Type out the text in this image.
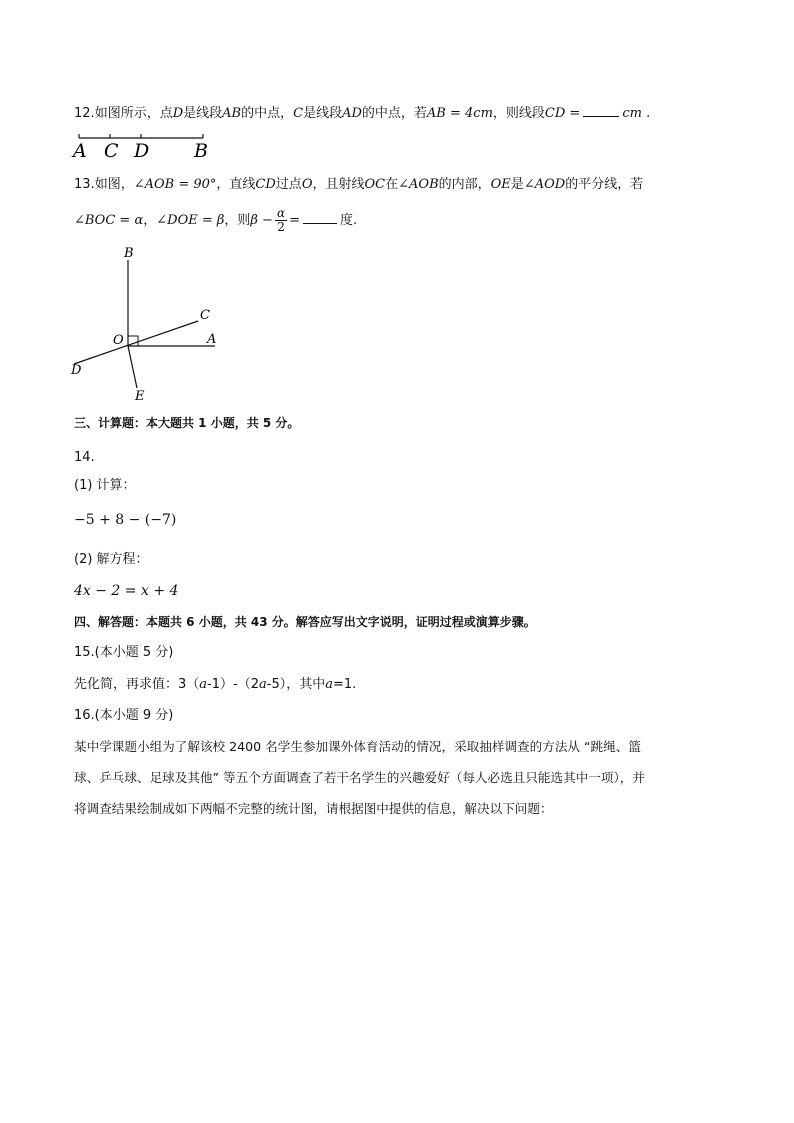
12.如图所示，点D是线段AB的中点，C是线段AD的中点，若AB = 4cm，则线段CD =	cm .
A C D B
13.如图，∠AOB = 90°，直线CD过点O，且射线OC在∠AOB的内部，OE是∠AOD的平分线，若
∠BOC = α，∠DOE = β，则$\beta - \frac{\alpha}{2}$ =	度.
B
C
O	A
D
E
三、计算题：本大题共 1 小题，共 5 分。
14.
(1) 计算：
−5 + 8 − (−7)
(2) 解方程：
4x − 2 = x + 4
四、解答题：本题共 6 小题，共 43 分。解答应写出文字说明，证明过程或演算步骤。
15.(本小题 5 分)
先化简，再求值：3（a-1）-（2a-5），其中a=1.
16.(本小题 9 分)
某中学课题小组为了解该校 2400 名学生参加课外体育活动的情况，采取抽样调查的方法从 “跳绳、篮
球、乒乓球、足球及其他” 等五个方面调查了若干名学生的兴趣爱好（每人必选且只能选其中一项），并
将调查结果绘制成如下两幅不完整的统计图，请根据图中提供的信息，解决以下问题：
